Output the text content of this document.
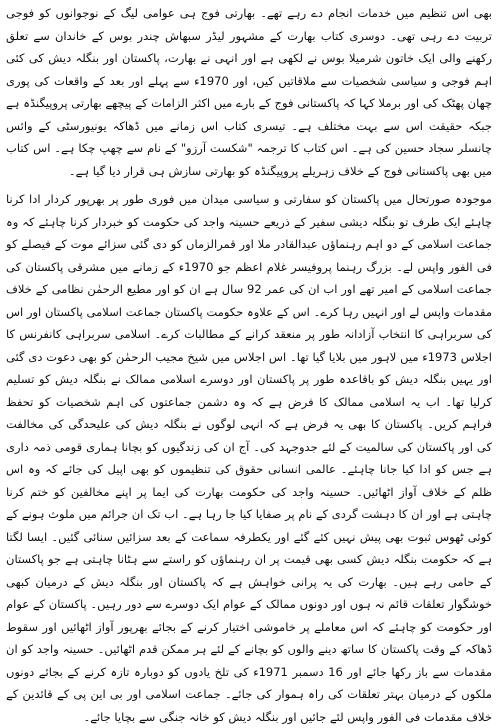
بھی اس تنظیم میں خدمات انجام دے رہے تھے۔ بھارتی فوج ہی عوامی لیگ کے نوجوانوں کو فوجی تربیت دے رہی تھی۔ دوسری کتاب بھارت کے مشہور لیڈر سبھاش چندر بوس کے خاندان سے تعلق رکھنے والی ایک خاتون شرمیلا بوس نے لکھی ہے اور انہی نے بھارت، پاکستان اور بنگلہ دیش کی کئی اہم فوجی و سیاسی شخصیات سے ملاقاتیں کیں، اور 1970ء سے پہلے اور بعد کے واقعات کی پوری چھان پھٹک کی اور برملا کہا کہ پاکستانی فوج کے بارے میں اکثر الزامات کے پیچھے بھارتی پروپیگنڈہ ہے جبکہ حقیقت اس سے بہت مختلف ہے۔ تیسری کتاب اس زمانے میں ڈھاکہ یونیورسٹی کے وائس چانسلر سجاد حسین کی ہے۔ اس کتاب کا ترجمہ "شکست آرزو" کے نام سے چھپ چکا ہے۔ اس کتاب میں بھی پاکستانی فوج کے خلاف زہریلے پروپیگنڈہ کو بھارتی سازش ہی قرار دیا گیا ہے۔

موجودہ صورتحال میں پاکستان کو سفارتی و سیاسی میدان میں فوری طور پر بھرپور کردار ادا کرنا چاہئے ایک طرف تو بنگلہ دیشی سفیر کے ذریعے حسینہ واجد کی حکومت کو خبردار کرنا چاہئے کہ وہ جماعت اسلامی کے دو اہم رہنماؤں عبدالقادر ملا اور قمرالزماں کو دی گئی سزائے موت کے فیصلے کو فی الفور واپس لے۔ بزرگ رہنما پروفیسر غلام اعظم جو 1970ء کے زمانے میں مشرقی پاکستان کی جماعت اسلامی کے امیر تھے اور اب ان کی عمر 92 سال ہے ان کو اور مطیع الرحمٰن نظامی کے خلاف مقدمات واپس لے اور انہیں رہا کرے۔ اس کے علاوہ حکومت پاکستان جماعت اسلامی پاکستان اور اس کی سربراہی کا انتخاب آزادانہ طور پر منعقد کرانے کے مطالبات کرے۔ اسلامی سربراہی کانفرنس کا اجلاس 1973ء میں لاہور میں بلایا گیا تھا۔ اس اجلاس میں شیخ مجیب الرحمٰن کو بھی دعوت دی گئی اور یہیں بنگلہ دیش کو باقاعدہ طور پر پاکستان اور دوسرے اسلامی ممالک نے بنگلہ دیش کو تسلیم کرلیا تھا۔ اب یہ اسلامی ممالک کا فرض ہے کہ وہ دشمن جماعتوں کی اہم شخصیات کو تحفظ فراہم کریں۔ پاکستان کا بھی یہ فرض ہے کہ انہی لوگوں نے بنگلہ دیش کی علیحدگی کی مخالفت کی اور پاکستان کی سالمیت کے لئے جدوجہد کی۔ آج ان کی زندگیوں کو بچانا ہماری قومی ذمہ داری ہے جس کو ادا کیا جانا چاہئے۔ عالمی انسانی حقوق کی تنظیموں کو بھی اپیل کی جائے کہ وہ اس ظلم کے خلاف آواز اٹھائیں۔ حسینہ واجد کی حکومت بھارت کی ایما پر اپنے مخالفین کو ختم کرنا چاہتی ہے اور ان کا دہشت گردی کے نام پر صفایا کیا جا رہا ہے۔ اب تک ان جرائم میں ملوث ہونے کے کوئی ٹھوس ثبوت بھی پیش نہیں کئے گئے اور یکطرفہ سماعت کے بعد سزائیں سنائی گئیں۔ ایسا لگتا ہے کہ حکومت بنگلہ دیش کسی بھی قیمت پر ان رہنماؤں کو راستے سے ہٹانا چاہتی ہے جو پاکستان کے حامی رہے ہیں۔ بھارت کی یہ پرانی خواہش ہے کہ پاکستان اور بنگلہ دیش کے درمیان کبھی خوشگوار تعلقات قائم نہ ہوں اور دونوں ممالک کے عوام ایک دوسرے سے دور رہیں۔ پاکستان کے عوام اور حکومت کو چاہئے کہ اس معاملے پر خاموشی اختیار کرنے کے بجائے بھرپور آواز اٹھائیں اور سقوط ڈھاکہ کے وقت پاکستان کا ساتھ دینے والوں کو بچانے کے لئے ہر ممکن قدم اٹھائیں۔ حسینہ واجد کو ان مقدمات سے باز رکھا جائے اور 16 دسمبر 1971ء کی تلخ یادوں کو دوبارہ تازہ کرنے کے بجائے دونوں ملکوں کے درمیان بہتر تعلقات کی راہ ہموار کی جائے۔ جماعت اسلامی اور بی این پی کے قائدین کے خلاف مقدمات فی الفور واپس لئے جائیں اور بنگلہ دیش کو خانہ جنگی سے بچایا جائے۔
